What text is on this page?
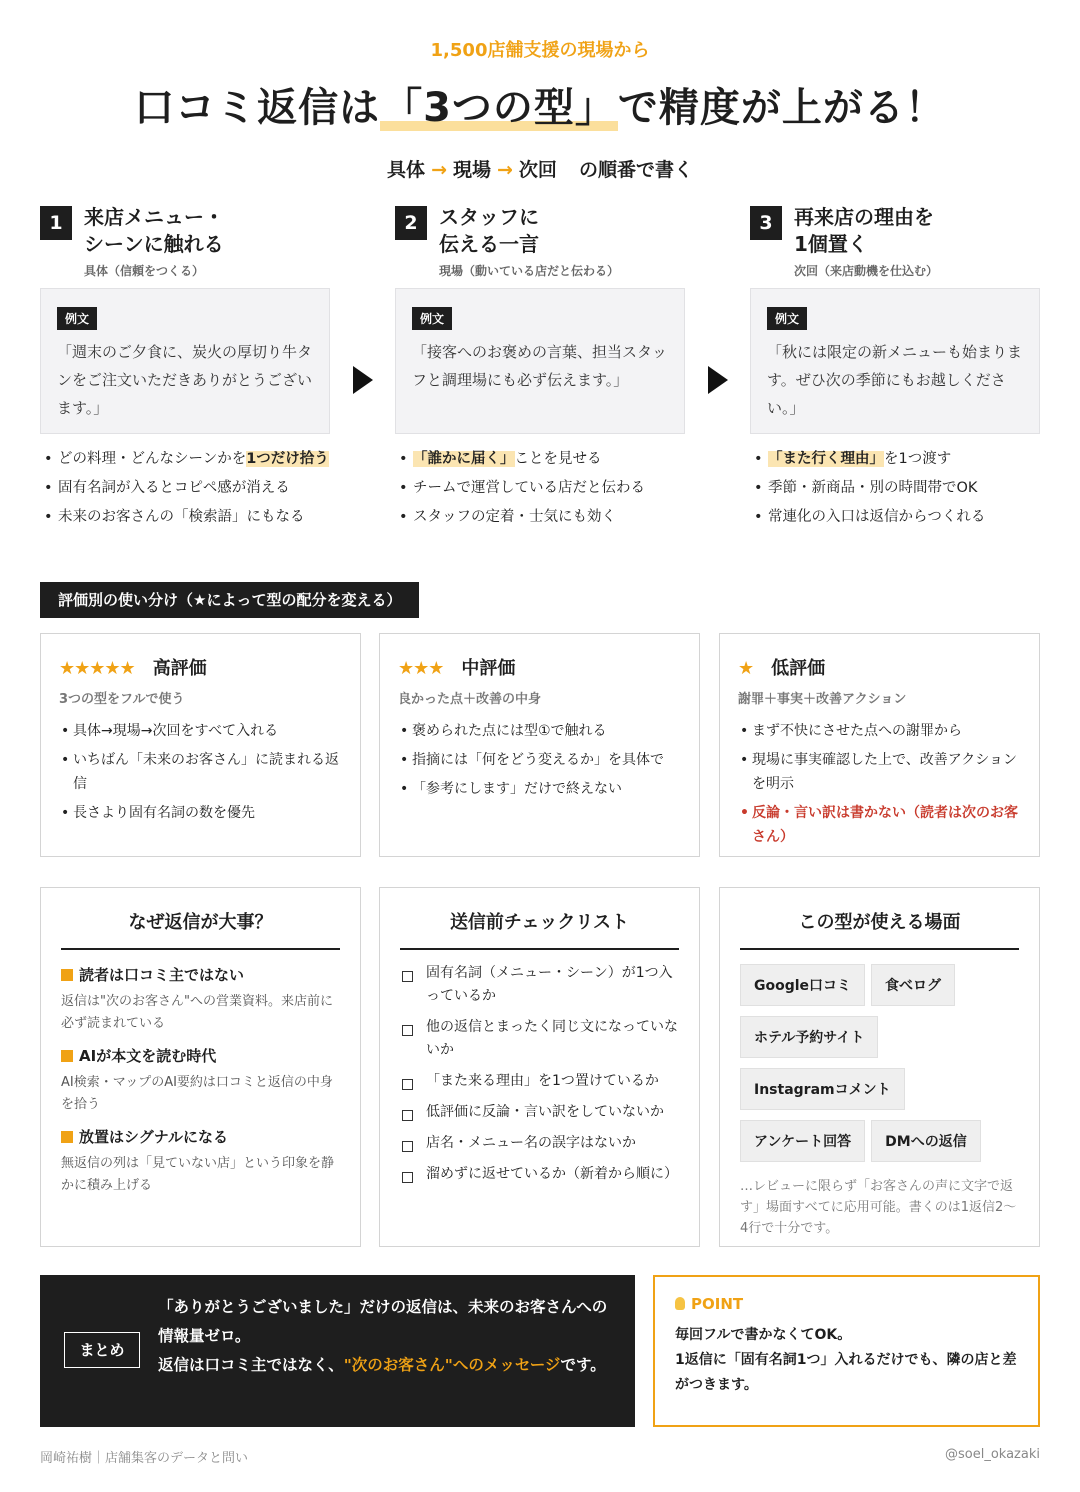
1,500店舗支援の現場から
口コミ返信は「3つの型」で精度が上がる！
具体 → 現場 → 次回 の順番で書く
1	来店メニュー・
シーンに触れる
具体（信頼をつくる）
例文
「週末のご夕食に、炭火の厚切り牛タンをご注文いただきありがとうございます。」
• どの料理・どんなシーンかを1つだけ拾う
• 固有名詞が入るとコピペ感が消える
• 未来のお客さんの「検索語」にもなる
2	スタッフに
伝える一言
現場（動いている店だと伝わる）
例文
「接客へのお褒めの言葉、担当スタッフと調理場にも必ず伝えます。」
• 「誰かに届く」ことを見せる
• チームで運営している店だと伝わる
• スタッフの定着・士気にも効く
3	再来店の理由を
1個置く
次回（来店動機を仕込む）
例文
「秋には限定の新メニューも始まります。ぜひ次の季節にもお越しください。」
• 「また行く理由」を1つ渡す
• 季節・新商品・別の時間帯でOK
• 常連化の入口は返信からつくれる
評価別の使い分け（★によって型の配分を変える）
★★★★★ 高評価
3つの型をフルで使う
• 具体→現場→次回をすべて入れる
• いちばん「未来のお客さん」に読まれる返信
• 長さより固有名詞の数を優先
★★★ 中評価
良かった点＋改善の中身
• 褒められた点には型①で触れる
• 指摘には「何をどう変えるか」を具体で
• 「参考にします」だけで終えない
★ 低評価
謝罪＋事実＋改善アクション
• まず不快にさせた点への謝罪から
• 現場に事実確認した上で、改善アクションを明示
• 反論・言い訳は書かない（読者は次のお客さん）
なぜ返信が大事？
読者は口コミ主ではない
返信は"次のお客さん"への営業資料。来店前に必ず読まれている
AIが本文を読む時代
AI検索・マップのAI要約は口コミと返信の中身を拾う
放置はシグナルになる
無返信の列は「見ていない店」という印象を静かに積み上げる
送信前チェックリスト
固有名詞（メニュー・シーン）が1つ入っているか
他の返信とまったく同じ文になっていないか
「また来る理由」を1つ置けているか
低評価に反論・言い訳をしていないか
店名・メニュー名の誤字はないか
溜めずに返せているか（新着から順に）
この型が使える場面
Google口コミ 食べログ
ホテル予約サイト
Instagramコメント
アンケート回答 DMへの返信
…レビューに限らず「お客さんの声に文字で返す」場面すべてに応用可能。書くのは1返信2〜4行で十分です。
まとめ
「ありがとうございました」だけの返信は、未来のお客さんへの情報量ゼロ。
返信は口コミ主ではなく、"次のお客さん"へのメッセージです。
POINT
毎回フルで書かなくてOK。
1返信に「固有名詞1つ」入れるだけでも、隣の店と差がつきます。
岡崎祐樹｜店舗集客のデータと問い	@soel_okazaki
